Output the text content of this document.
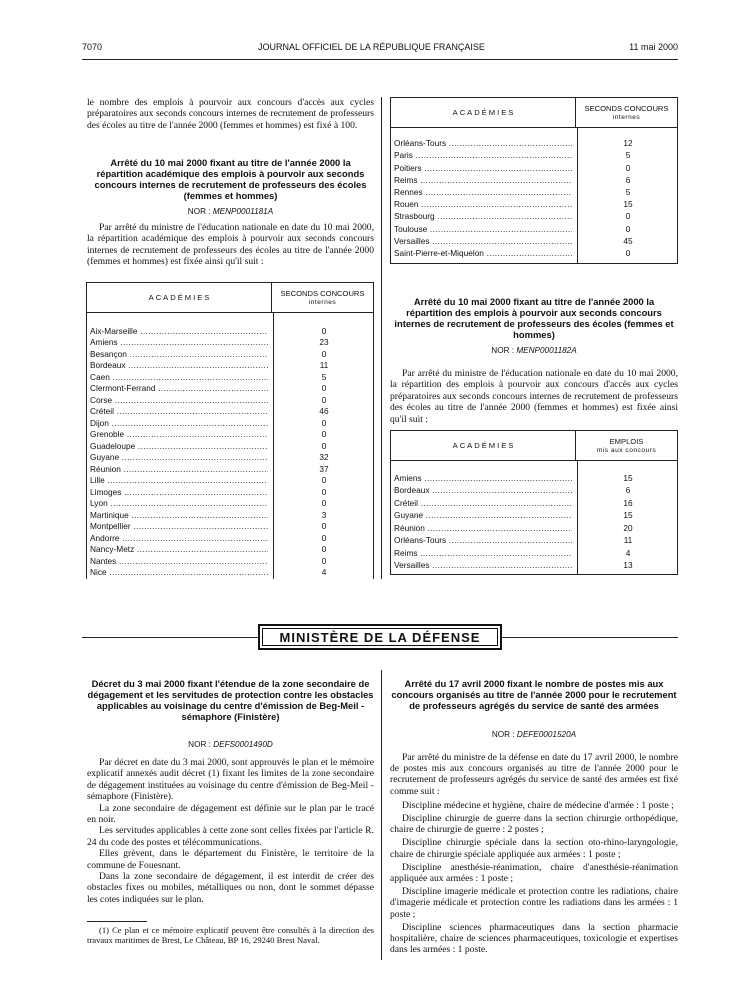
7070	JOURNAL OFFICIEL DE LA RÉPUBLIQUE FRANÇAISE	11 mai 2000
le nombre des emplois à pourvoir aux concours d'accès aux cycles préparatoires aux seconds concours internes de recrutement de professeurs des écoles au titre de l'année 2000 (femmes et hommes) est fixé à 100.
Arrêté du 10 mai 2000 fixant au titre de l'année 2000 la répartition académique des emplois à pourvoir aux seconds concours internes de recrutement de professeurs des écoles (femmes et hommes)
NOR : MENP0001181A
Par arrêté du ministre de l'éducation nationale en date du 10 mai 2000, la répartition académique des emplois à pourvoir aux seconds concours internes de recrutement de professeurs des écoles au titre de l'année 2000 (femmes et hommes) est fixée ainsi qu'il suit :
ACADÉMIES	SECONDS CONCOURS
internes
Aix-Marseille .....	0
Amiens .....	23
Besançon .....	0
Bordeaux .....	11
Caen .....	5
Clermont-Ferrand .....	0
Corse .....	0
Créteil .....	46
Dijon .....	0
Grenoble .....	0
Guadeloupe .....	0
Guyane .....	32
Réunion .....	37
Lille .....	0
Limoges .....	0
Lyon .....	0
Martinique .....	3
Montpellier .....	0
Andorre .....	0
Nancy-Metz .....	0
Nantes .....	0
Nice .....	4
ACADÉMIES	SECONDS CONCOURS
internes
Orléans-Tours .....	12
Paris .....	5
Poitiers .....	0
Reims .....	6
Rennes .....	5
Rouen .....	15
Strasbourg .....	0
Toulouse .....	0
Versailles .....	45
Saint-Pierre-et-Miquelon .....	0
Arrêté du 10 mai 2000 fixant au titre de l'année 2000 la répartition des emplois à pourvoir aux seconds concours internes de recrutement de professeurs des écoles (femmes et hommes)
NOR : MENP0001182A
Par arrêté du ministre de l'éducation nationale en date du 10 mai 2000, la répartition des emplois à pourvoir aux concours d'accès aux cycles préparatoires aux seconds concours internes de recrutement de professeurs des écoles au titre de l'année 2000 (femmes et hommes) est fixée ainsi qu'il suit :
ACADÉMIES	EMPLOIS
mis aux concours
Amiens .....	15
Bordeaux .....	6
Créteil .....	16
Guyane .....	15
Réunion .....	20
Orléans-Tours .....	11
Reims .....	4
Versailles .....	13
MINISTÈRE DE LA DÉFENSE
Décret du 3 mai 2000 fixant l'étendue de la zone secondaire de dégagement et les servitudes de protection contre les obstacles applicables au voisinage du centre d'émission de Beg-Meil - sémaphore (Finistère)
NOR : DEFS0001490D

Par décret en date du 3 mai 2000, sont approuvés le plan et le mémoire explicatif annexés audit décret (1) fixant les limites de la zone secondaire de dégagement instituées au voisinage du centre d'émission de Beg-Meil - sémaphore (Finistère).

La zone secondaire de dégagement est définie sur le plan par le tracé en noir.

Les servitudes applicables à cette zone sont celles fixées par l'article R. 24 du code des postes et télécommunications.

Elles grèvent, dans le département du Finistère, le territoire de la commune de Fouesnant.

Dans la zone secondaire de dégagement, il est interdit de créer des obstacles fixes ou mobiles, métalliques ou non, dont le sommet dépasse les cotes indiquées sur le plan.

(1) Ce plan et ce mémoire explicatif peuvent être consultés à la direction des travaux maritimes de Brest, Le Château, BP 16, 29240 Brest Naval.
Arrêté du 17 avril 2000 fixant le nombre de postes mis aux concours organisés au titre de l'année 2000 pour le recrutement de professeurs agrégés du service de santé des armées
NOR : DEFE0001520A

Par arrêté du ministre de la défense en date du 17 avril 2000, le nombre de postes mis aux concours organisés au titre de l'année 2000 pour le recrutement de professeurs agrégés du service de santé des armées est fixé comme suit :

Discipline médecine et hygiène, chaire de médecine d'armée : 1 poste ;

Discipline chirurgie de guerre dans la section chirurgie orthopédique, chaire de chirurgie de guerre : 2 postes ;

Discipline chirurgie spéciale dans la section oto-rhino-laryngologie, chaire de chirurgie spéciale appliquée aux armées : 1 poste ;

Discipline anesthésie-réanimation, chaire d'anesthésie-réanimation appliquée aux armées : 1 poste ;

Discipline imagerie médicale et protection contre les radiations, chaire d'imagerie médicale et protection contre les radiations dans les armées : 1 poste ;

Discipline sciences pharmaceutiques dans la section pharmacie hospitalière, chaire de sciences pharmaceutiques, toxicologie et expertises dans les armées : 1 poste.
